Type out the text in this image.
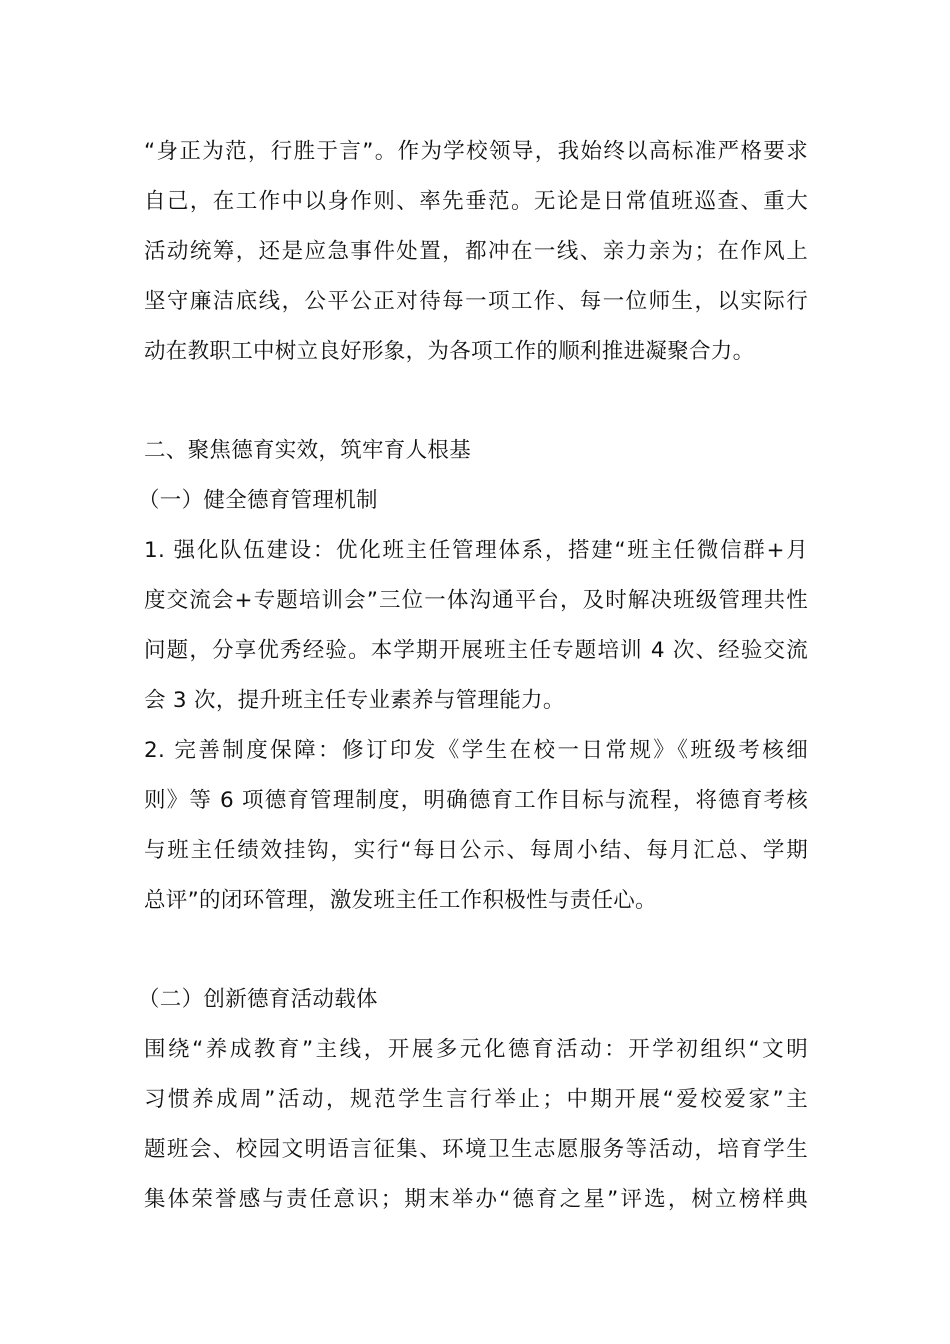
“身正为范，行胜于言”。作为学校领导，我始终以高标准严格要求
自己，在工作中以身作则、率先垂范。无论是日常值班巡查、重大
活动统筹，还是应急事件处置，都冲在一线、亲力亲为；在作风上
坚守廉洁底线，公平公正对待每一项工作、每一位师生，以实际行
动在教职工中树立良好形象，为各项工作的顺利推进凝聚合力。
二、聚焦德育实效，筑牢育人根基
（一）健全德育管理机制
1. 强化队伍建设：优化班主任管理体系，搭建“班主任微信群+月
度交流会+专题培训会”三位一体沟通平台，及时解决班级管理共性
问题，分享优秀经验。本学期开展班主任专题培训 4 次、经验交流
会 3 次，提升班主任专业素养与管理能力。
2. 完善制度保障：修订印发《学生在校一日常规》《班级考核细
则》等 6 项德育管理制度，明确德育工作目标与流程，将德育考核
与班主任绩效挂钩，实行“每日公示、每周小结、每月汇总、学期
总评”的闭环管理，激发班主任工作积极性与责任心。
（二）创新德育活动载体
围绕“养成教育”主线，开展多元化德育活动：开学初组织“文明
习惯养成周”活动，规范学生言行举止；中期开展“爱校爱家”主
题班会、校园文明语言征集、环境卫生志愿服务等活动，培育学生
集体荣誉感与责任意识；期末举办“德育之星”评选，树立榜样典
